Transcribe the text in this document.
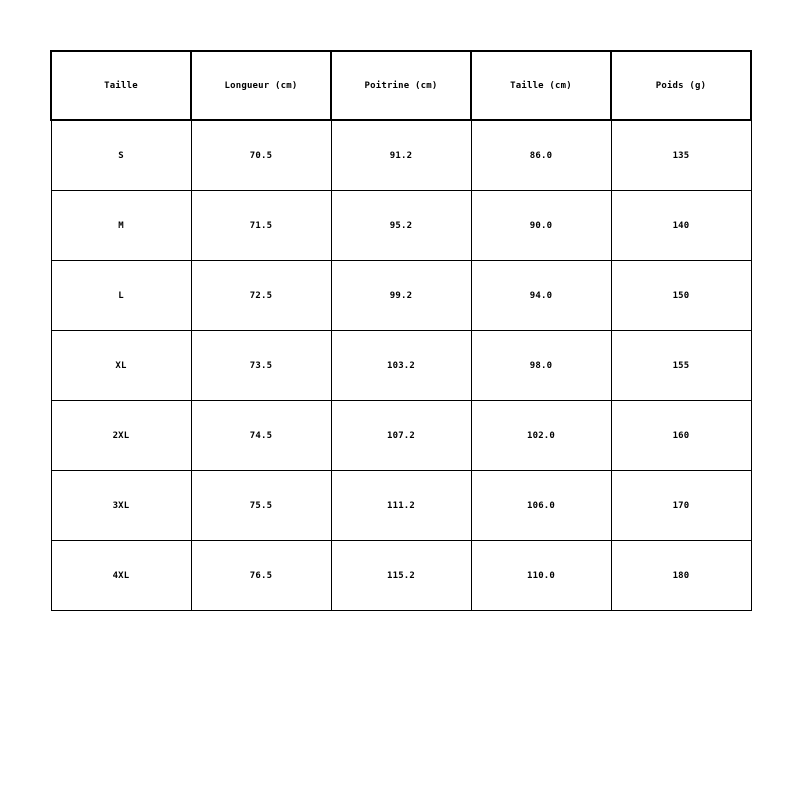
Taille	Longueur (cm)	Poitrine (cm)	Taille (cm)	Poids (g)
S	70.5	91.2	86.0	135
M	71.5	95.2	90.0	140
L	72.5	99.2	94.0	150
XL	73.5	103.2	98.0	155
2XL	74.5	107.2	102.0	160
3XL	75.5	111.2	106.0	170
4XL	76.5	115.2	110.0	180
